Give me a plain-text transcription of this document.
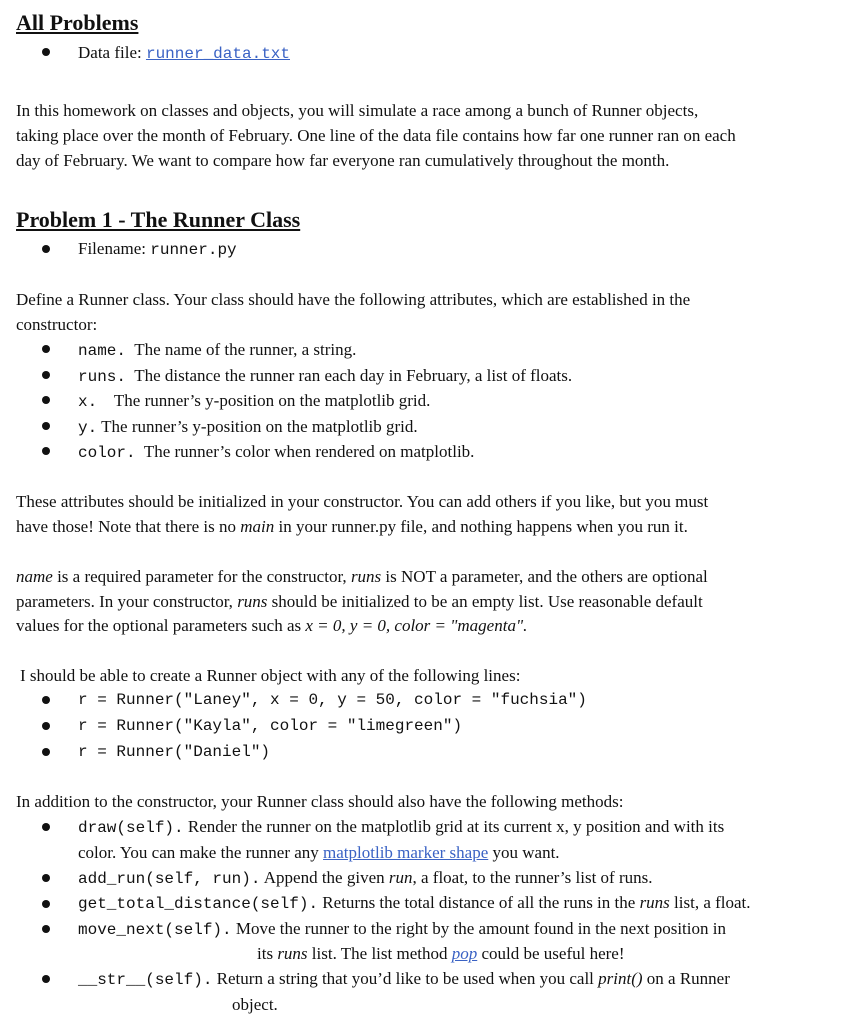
All Problems
Data file: runner_data.txt
In this homework on classes and objects, you will simulate a race among a bunch of Runner objects,
taking place over the month of February. One line of the data file contains how far one runner ran on each
day of February. We want to compare how far everyone ran cumulatively throughout the month.
Problem 1 - The Runner Class
Filename: runner.py
Define a Runner class. Your class should have the following attributes, which are established in the
constructor:
name. The name of the runner, a string.
runs. The distance the runner ran each day in February, a list of floats.
x. The runner’s y-position on the matplotlib grid.
y. The runner’s y-position on the matplotlib grid.
color. The runner’s color when rendered on matplotlib.
These attributes should be initialized in your constructor. You can add others if you like, but you must
have those! Note that there is no main in your runner.py file, and nothing happens when you run it.
name is a required parameter for the constructor, runs is NOT a parameter, and the others are optional
parameters. In your constructor, runs should be initialized to be an empty list. Use reasonable default
values for the optional parameters such as x = 0, y = 0, color = "magenta".
I should be able to create a Runner object with any of the following lines:
r = Runner("Laney", x = 0, y = 50, color = "fuchsia")
r = Runner("Kayla", color = "limegreen")
r = Runner("Daniel")
In addition to the constructor, your Runner class should also have the following methods:
draw(self). Render the runner on the matplotlib grid at its current x, y position and with its
color. You can make the runner any matplotlib marker shape you want.
add_run(self, run). Append the given run, a float, to the runner’s list of runs.
get_total_distance(self). Returns the total distance of all the runs in the runs list, a float.
move_next(self). Move the runner to the right by the amount found in the next position in
its runs list. The list method pop could be useful here!
__str__(self). Return a string that you’d like to be used when you call print() on a Runner
object.
